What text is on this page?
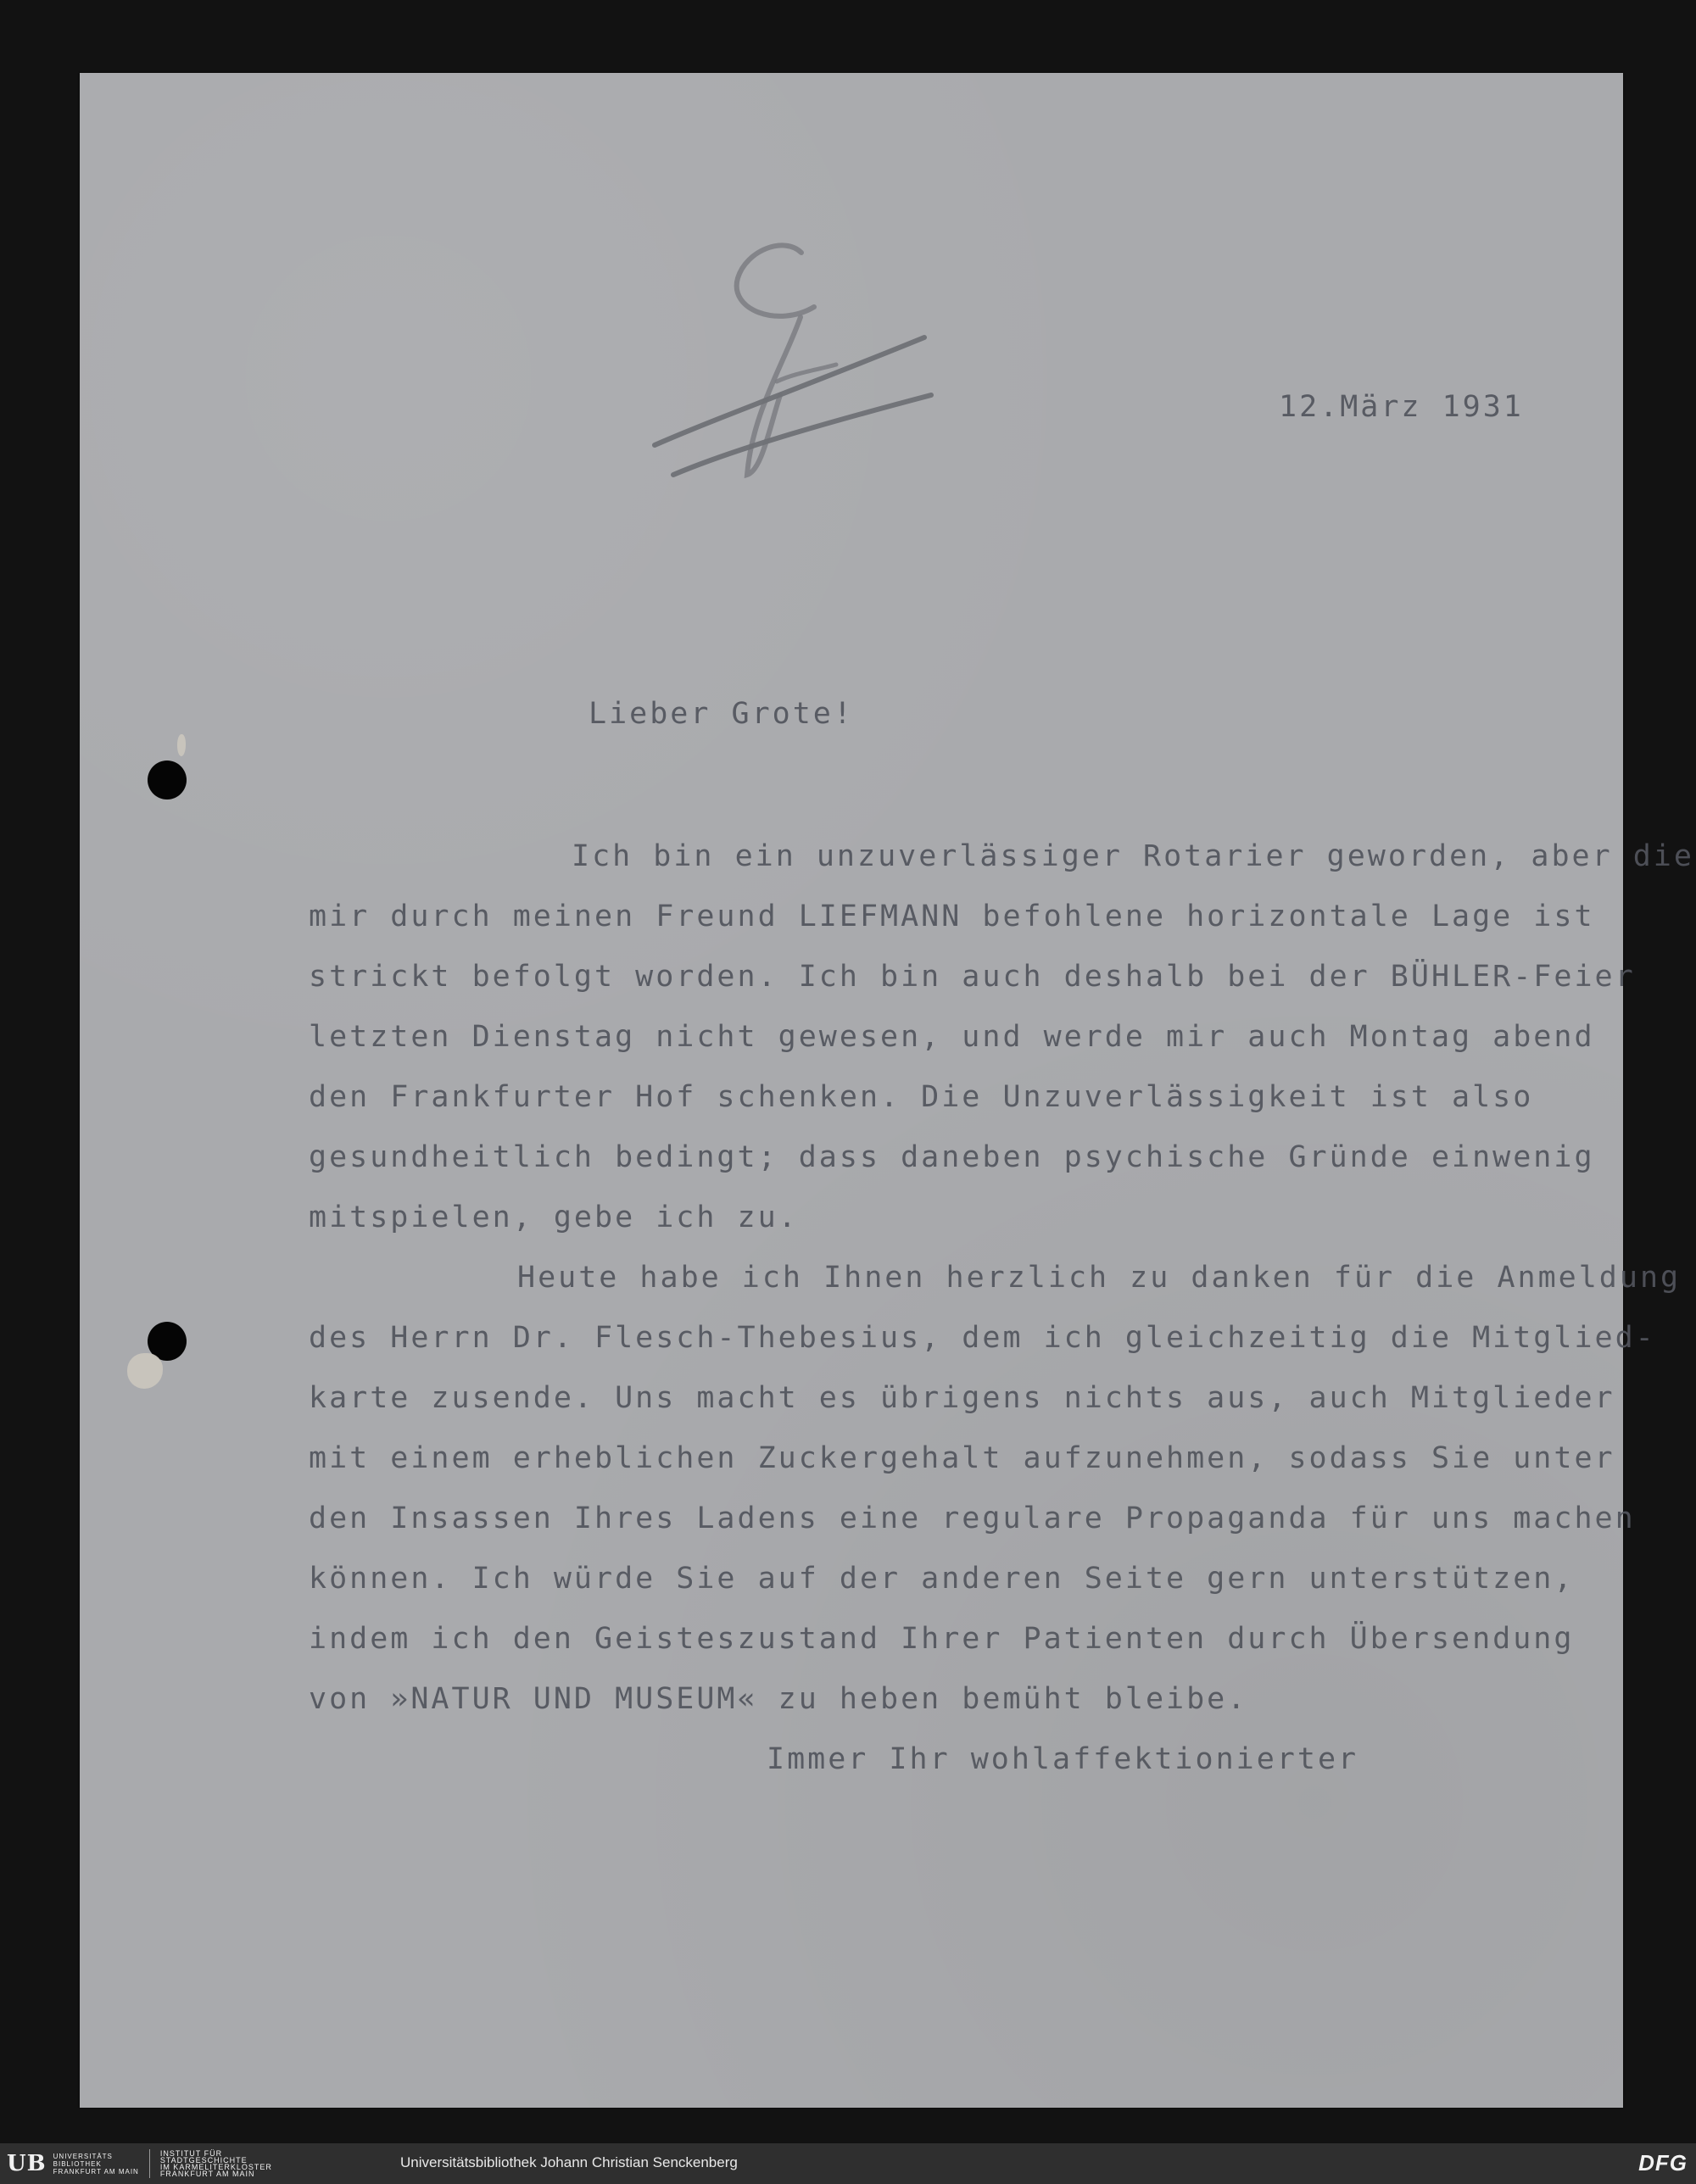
12.März 1931
Lieber Grote!
Ich bin ein unzuverlässiger Rotarier geworden, aber die
mir durch meinen Freund LIEFMANN befohlene horizontale Lage ist
strickt befolgt worden. Ich bin auch deshalb bei der BÜHLER-Feier
letzten Dienstag nicht gewesen, und werde mir auch Montag abend
den Frankfurter Hof schenken. Die Unzuverlässigkeit ist also
gesundheitlich bedingt; dass daneben psychische Gründe einwenig
mitspielen, gebe ich zu.
Heute habe ich Ihnen herzlich zu danken für die Anmeldung
des Herrn Dr. Flesch-Thebesius, dem ich gleichzeitig die Mitglied-
karte zusende. Uns macht es übrigens nichts aus, auch Mitglieder
mit einem erheblichen Zuckergehalt aufzunehmen, sodass Sie unter
den Insassen Ihres Ladens eine regulare Propaganda für uns machen
können. Ich würde Sie auf der anderen Seite gern unterstützen,
indem ich den Geisteszustand Ihrer Patienten durch Übersendung
von »NATUR UND MUSEUM« zu heben bemüht bleibe.
Immer Ihr wohlaffektionierter
UB UNIVERSITÄTS
BIBLIOTHEK
FRANKFURT AM MAIN
INSTITUT FÜR
STADTGESCHICHTE
IM KARMELITERKLOSTER
FRANKFURT AM MAIN
Universitätsbibliothek Johann Christian Senckenberg	DFG
